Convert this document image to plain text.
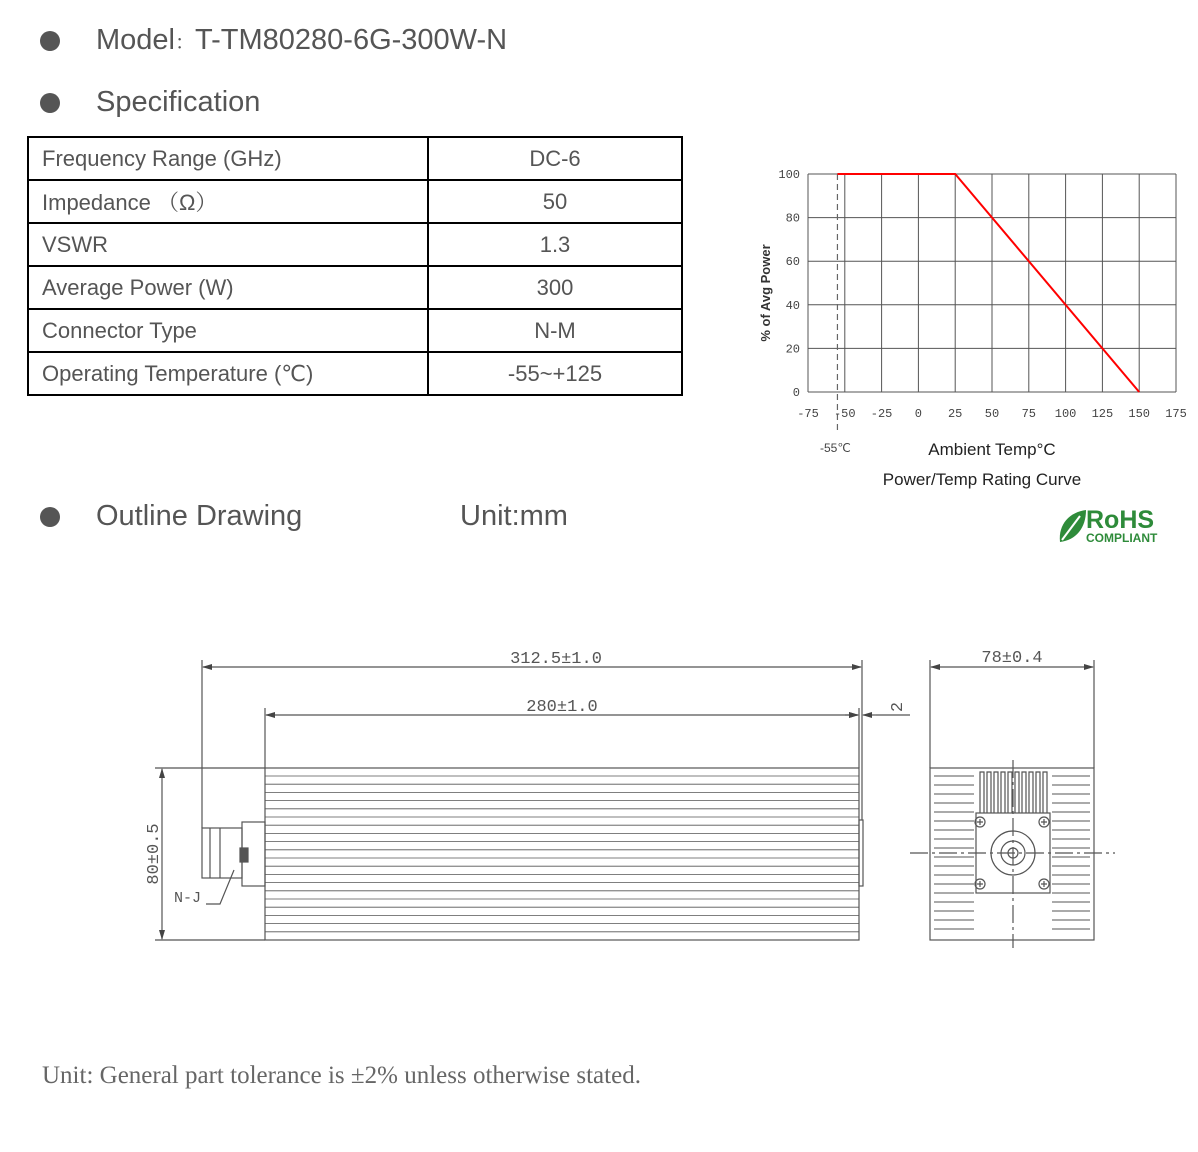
Model ： T-TM80280-6G-300W-N
Specification
Frequency Range (GHz)	DC-6
Impedance （Ω）	50
VSWR	1.3
Average Power (W)	300
Connector Type	N-M
Operating Temperature (℃)	-55~+125
-75 -50 -25 0 25 50 75 100 125 150 175
0
20
40
60
80
100
% of Avg Power
-55℃	Ambient Temp°C
Power/Temp Rating Curve
RoHS
COMPLIANT
Outline Drawing	Unit:mm
312.5±1.0
280±1.0	2
80±0.5
N-J
78±0.4
Unit: General part tolerance is ±2% unless otherwise stated.
